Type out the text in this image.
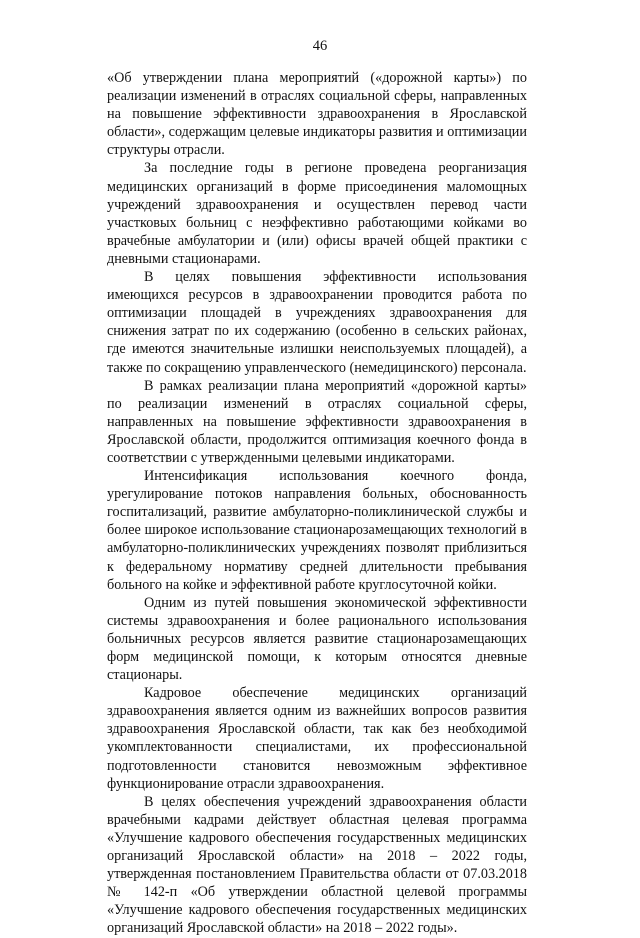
46

«Об утверждении плана мероприятий («дорожной карты») по реализации изменений в отраслях социальной сферы, направленных на повышение эффективности здравоохранения в Ярославской области», содержащим целевые индикаторы развития и оптимизации структуры отрасли.

За последние годы в регионе проведена реорганизация медицинских организаций в форме присоединения маломощных учреждений здравоохранения и осуществлен перевод части участковых больниц с неэффективно работающими койками во врачебные амбулатории и (или) офисы врачей общей практики с дневными стационарами.

В целях повышения эффективности использования имеющихся ресурсов в здравоохранении проводится работа по оптимизации площадей в учреждениях здравоохранения для снижения затрат по их содержанию (особенно в сельских районах, где имеются значительные излишки неиспользуемых площадей), а также по сокращению управленческого (немедицинского) персонала.

В рамках реализации плана мероприятий «дорожной карты» по реализации изменений в отраслях социальной сферы, направленных на повышение эффективности здравоохранения в Ярославской области, продолжится оптимизация коечного фонда в соответствии с утвержденными целевыми индикаторами.

Интенсификация использования коечного фонда, урегулирование потоков направления больных, обоснованность госпитализаций, развитие амбулаторно-поликлинической службы и более широкое использование стационарозамещающих технологий в амбулаторно-поликлинических учреждениях позволят приблизиться к федеральному нормативу средней длительности пребывания больного на койке и эффективной работе круглосуточной койки.

Одним из путей повышения экономической эффективности системы здравоохранения и более рационального использования больничных ресурсов является развитие стационарозамещающих форм медицинской помощи, к которым относятся дневные стационары.

Кадровое обеспечение медицинских организаций здравоохранения является одним из важнейших вопросов развития здравоохранения Ярославской области, так как без необходимой укомплектованности специалистами, их профессиональной подготовленности становится невозможным эффективное функционирование отрасли здравоохранения.

В целях обеспечения учреждений здравоохранения области врачебными кадрами действует областная целевая программа «Улучшение кадрового обеспечения государственных медицинских организаций Ярославской области» на 2018 – 2022 годы, утвержденная постановлением Правительства области от 07.03.2018 № 142-п «Об утверждении областной целевой программы «Улучшение кадрового обеспечения государственных медицинских организаций Ярославской области» на 2018 – 2022 годы».
